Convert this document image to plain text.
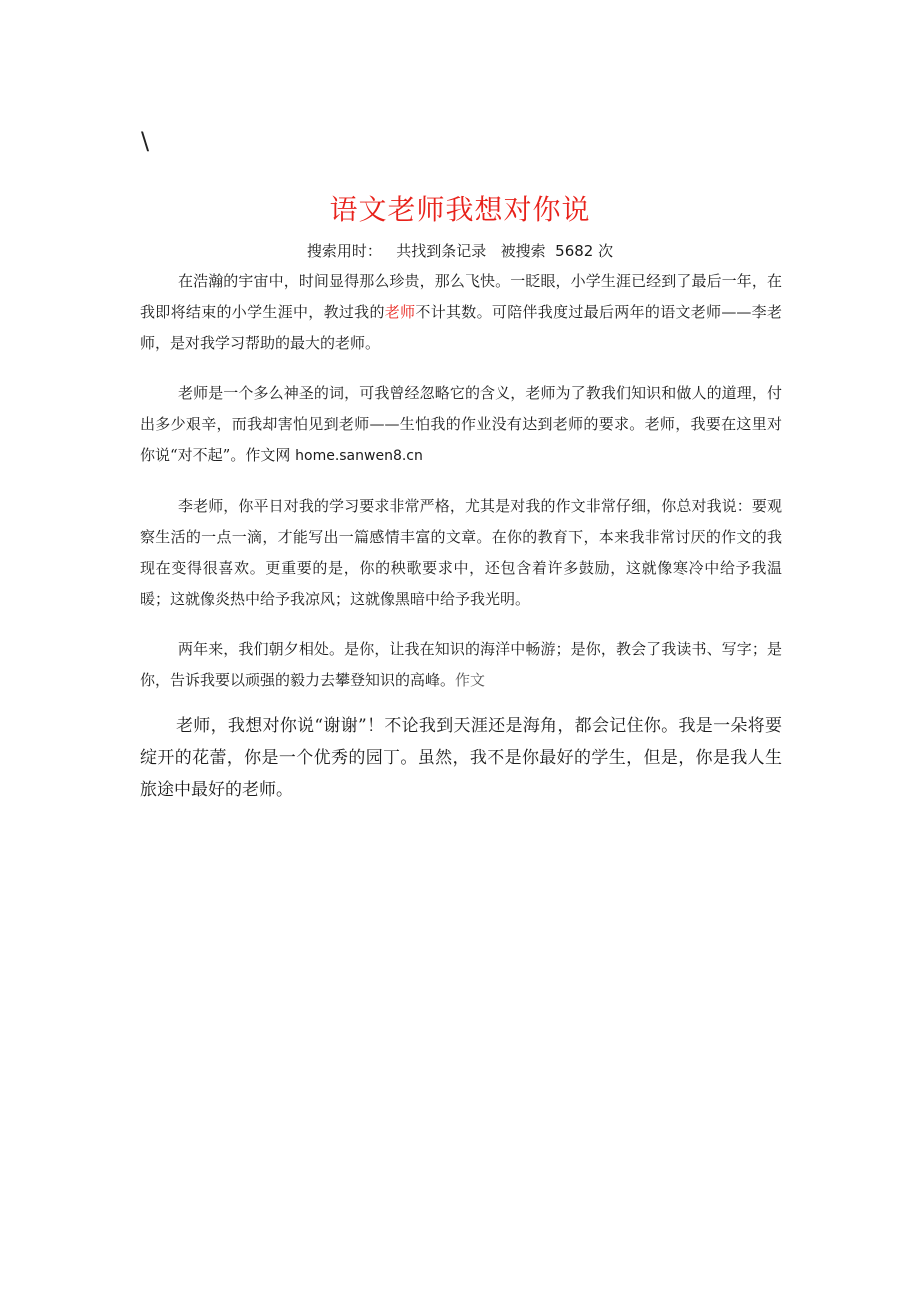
\
语文老师我想对你说
搜索用时： 共找到条记录 被搜索 5682 次

在浩瀚的宇宙中，时间显得那么珍贵，那么飞快。一眨眼，小学生涯已经到了最后一年，在我即将结束的小学生涯中，教过我的老师不计其数。可陪伴我度过最后两年的语文老师——李老师，是对我学习帮助的最大的老师。

老师是一个多么神圣的词，可我曾经忽略它的含义，老师为了教我们知识和做人的道理，付出多少艰辛，而我却害怕见到老师——生怕我的作业没有达到老师的要求。老师，我要在这里对你说“对不起”。作文网 home.sanwen8.cn

李老师，你平日对我的学习要求非常严格，尤其是对我的作文非常仔细，你总对我说：要观察生活的一点一滴，才能写出一篇感情丰富的文章。在你的教育下，本来我非常讨厌的作文的我现在变得很喜欢。更重要的是，你的秧歌要求中，还包含着许多鼓励，这就像寒冷中给予我温暖；这就像炎热中给予我凉风；这就像黑暗中给予我光明。

两年来，我们朝夕相处。是你，让我在知识的海洋中畅游；是你，教会了我读书、写字；是你，告诉我要以顽强的毅力去攀登知识的高峰。作文

老师，我想对你说“谢谢”！不论我到天涯还是海角，都会记住你。我是一朵将要绽开的花蕾，你是一个优秀的园丁。虽然，我不是你最好的学生，但是，你是我人生旅途中最好的老师。
